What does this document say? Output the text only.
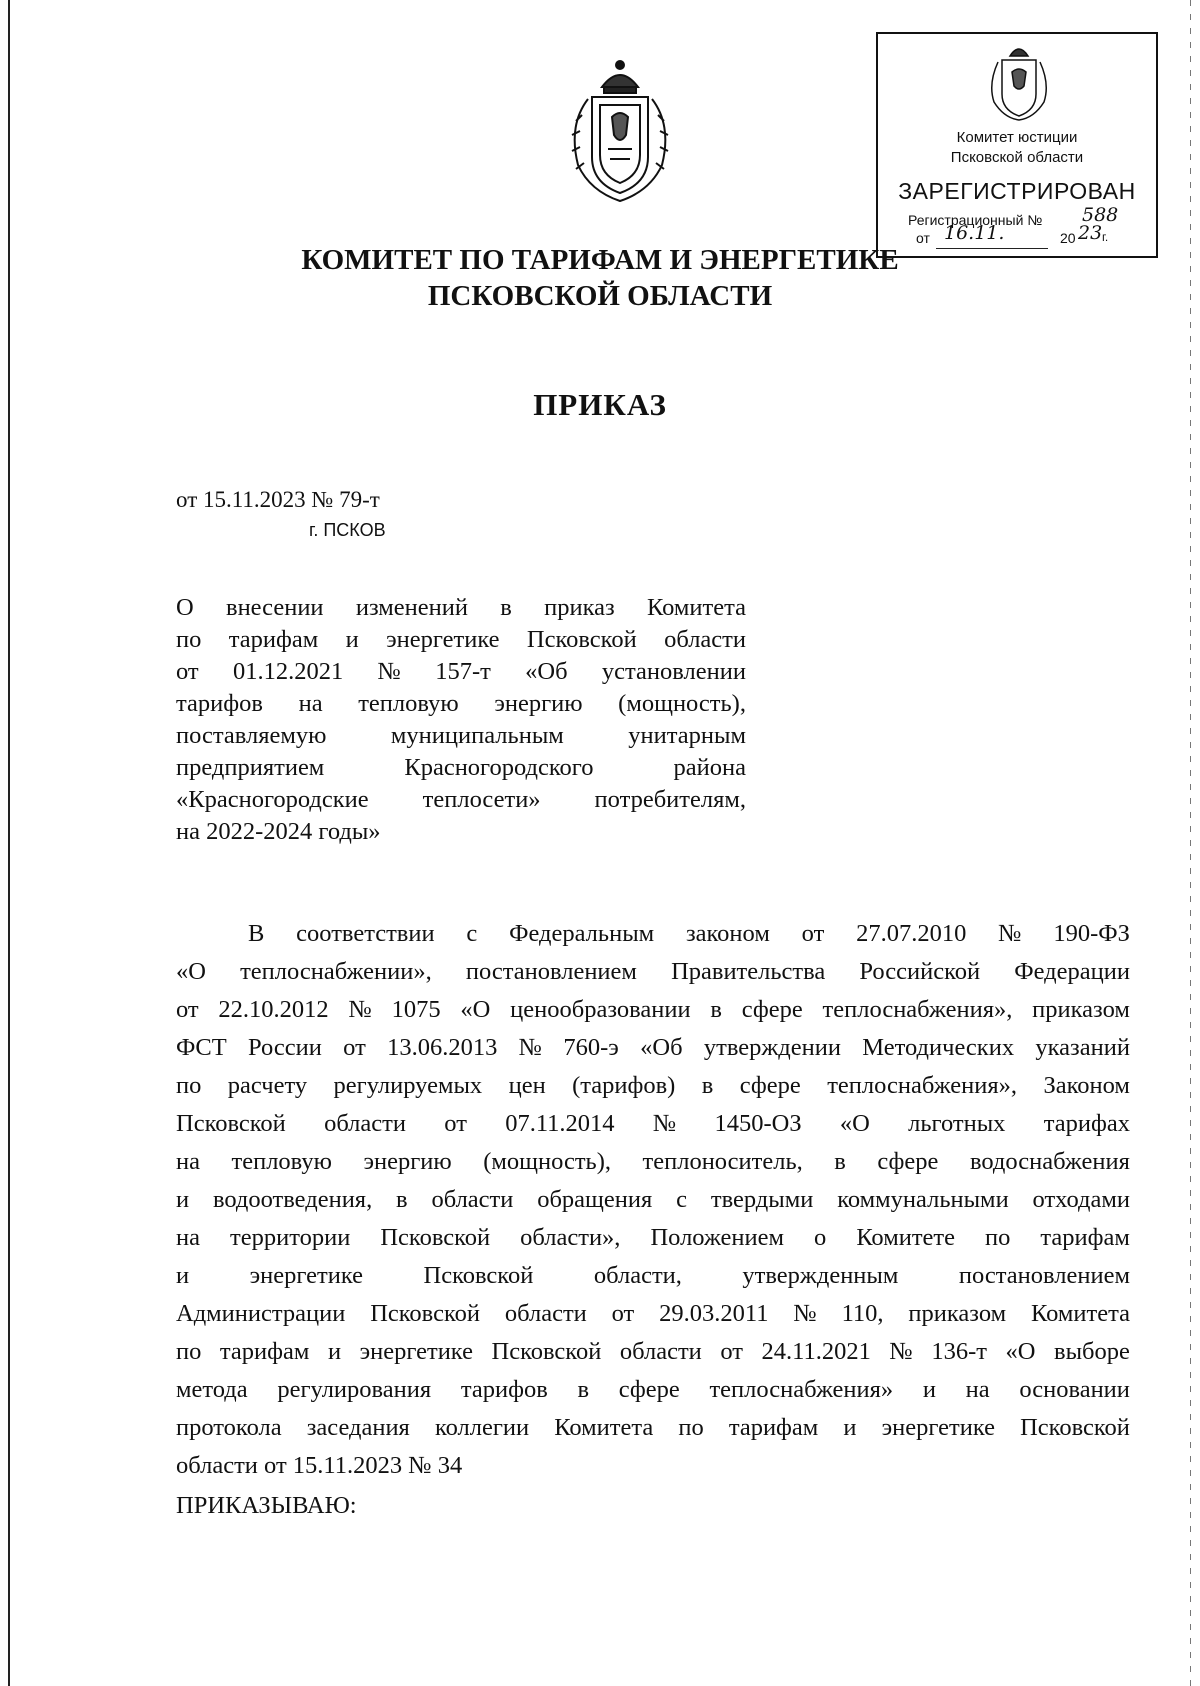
Комитет юстиции
Псковской области
ЗАРЕГИСТРИРОВАН
Регистрационный № 588
от 16.11.	20 23 г.
КОМИТЕТ ПО ТАРИФАМ И ЭНЕРГЕТИКЕ
ПСКОВСКОЙ ОБЛАСТИ
ПРИКАЗ
от 15.11.2023 № 79-т
г. ПСКОВ
О внесении изменений в приказ Комитета
по тарифам и энергетике Псковской области
от 01.12.2021 № 157-т «Об установлении
тарифов на тепловую энергию (мощность),
поставляемую	муниципальным	унитарным
предприятием	Красногородского	района
«Красногородские теплосети» потребителям,
на 2022-2024 годы»
В соответствии с Федеральным законом от 27.07.2010 № 190-ФЗ
«О теплоснабжении», постановлением Правительства Российской Федерации
от 22.10.2012 № 1075 «О ценообразовании в сфере теплоснабжения», приказом
ФСТ России от 13.06.2013 № 760-э «Об утверждении Методических указаний
по расчету регулируемых цен (тарифов) в сфере теплоснабжения», Законом
Псковской области от 07.11.2014 № 1450-ОЗ «О льготных тарифах
на тепловую энергию (мощность), теплоноситель, в сфере водоснабжения
и водоотведения, в области обращения с твердыми коммунальными отходами
на территории Псковской области», Положением о Комитете по тарифам
и энергетике Псковской области, утвержденным постановлением
Администрации Псковской области от 29.03.2011 № 110, приказом Комитета
по тарифам и энергетике Псковской области от 24.11.2021 № 136-т «О выборе
метода регулирования тарифов в сфере теплоснабжения» и на основании
протокола заседания коллегии Комитета по тарифам и энергетике Псковской
области от 15.11.2023 № 34
ПРИКАЗЫВАЮ:
